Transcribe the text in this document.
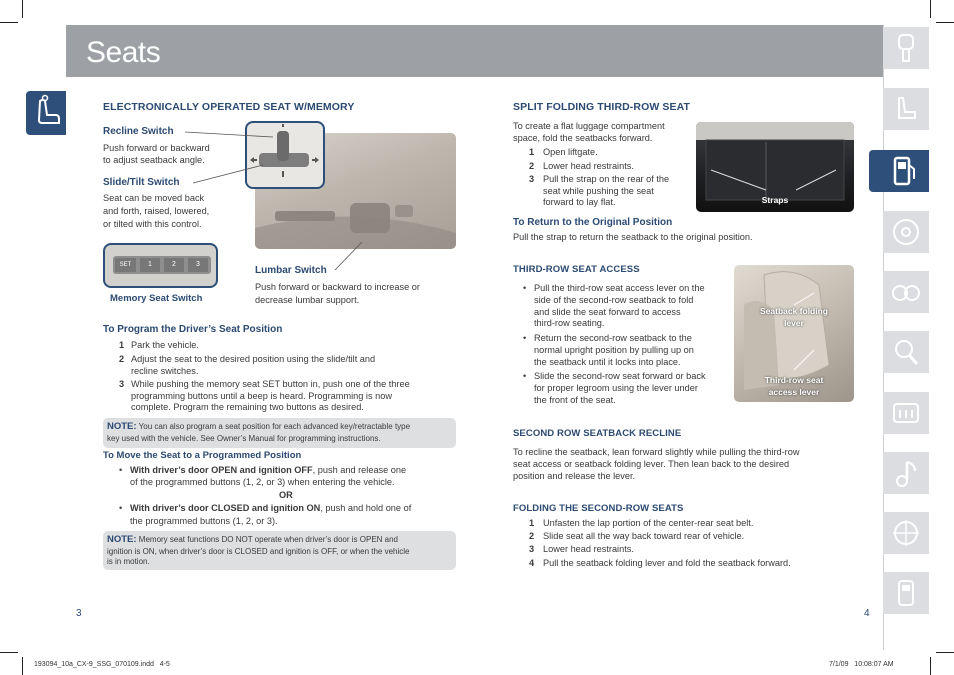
Seats
ELECTRONICALLY OPERATED SEAT W/MEMORY
Recline Switch
Push forward or backward
to adjust seatback angle.
Slide/Tilt Switch
Seat can be moved back
and forth, raised, lowered,
or tilted with this control.
SET	1	2	3
Memory Seat Switch
Lumbar Switch
Push forward or backward to increase or
decrease lumbar support.
To Program the Driver’s Seat Position
1 Park the vehicle.
2 Adjust the seat to the desired position using the slide/tilt and
recline switches.
3 While pushing the memory seat SET button in, push one of the three
programming buttons until a beep is heard. Programming is now
complete. Program the remaining two buttons as desired.
NOTE: You can also program a seat position for each advanced key/retractable type
key used with the vehicle. See Owner’s Manual for programming instructions.
To Move the Seat to a Programmed Position
• With driver’s door OPEN and ignition OFF, push and release one
of the programmed buttons (1, 2, or 3) when entering the vehicle.
OR
• With driver’s door CLOSED and ignition ON, push and hold one of
the programmed buttons (1, 2, or 3).
NOTE: Memory seat functions DO NOT operate when driver’s door is OPEN and
ignition is ON, when driver’s door is CLOSED and ignition is OFF, or when the vehicle
is in motion.
3
SPLIT FOLDING THIRD-ROW SEAT
To create a flat luggage compartment
space, fold the seatbacks forward.
1 Open liftgate.
2 Lower head restraints.
3 Pull the strap on the rear of the
seat while pushing the seat
forward to lay flat.	Straps
To Return to the Original Position
Pull the strap to return the seatback to the original position.
THIRD-ROW SEAT ACCESS
• Pull the third-row seat access lever on the
side of the second-row seatback to fold
and slide the seat forward to access
third-row seating.
• Return the second-row seatback to the
normal upright position by pulling up on
the seatback until it locks into place.
• Slide the second-row seat forward or back
for proper legroom using the lever under
the front of the seat.
Seatback folding
lever
Third-row seat
access lever
SECOND ROW SEATBACK RECLINE
To recline the seatback, lean forward slightly while pulling the third-row
seat access or seatback folding lever. Then lean back to the desired
position and release the lever.
FOLDING THE SECOND-ROW SEATS
1 Unfasten the lap portion of the center-rear seat belt.
2 Slide seat all the way back toward rear of vehicle.
3 Lower head restraints.
4 Pull the seatback folding lever and fold the seatback forward.
4
193094_10a_CX-9_SSG_070109.indd   4-5	7/1/09   10:08:07 AM
